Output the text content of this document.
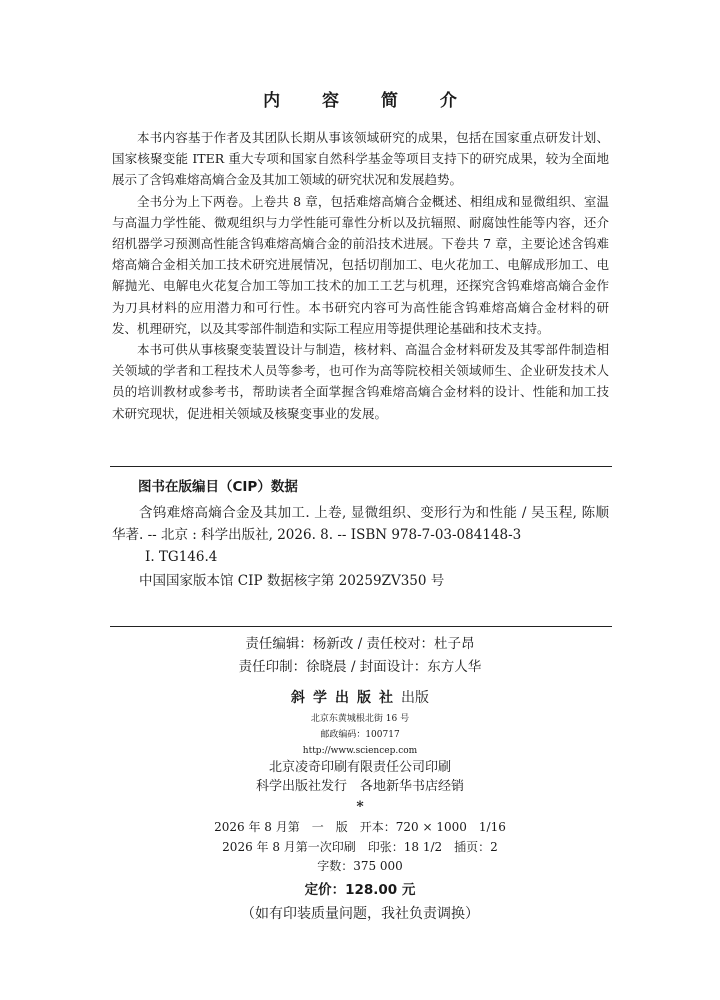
内 容 简 介

本书内容基于作者及其团队长期从事该领域研究的成果，包括在国家重点研发计划、国家核聚变能 ITER 重大专项和国家自然科学基金等项目支持下的研究成果，较为全面地展示了含钨难熔高熵合金及其加工领域的研究状况和发展趋势。

全书分为上下两卷。上卷共 8 章，包括难熔高熵合金概述、相组成和显微组织、室温与高温力学性能、微观组织与力学性能可靠性分析以及抗辐照、耐腐蚀性能等内容，还介绍机器学习预测高性能含钨难熔高熵合金的前沿技术进展。下卷共 7 章，主要论述含钨难熔高熵合金相关加工技术研究进展情况，包括切削加工、电火花加工、电解成形加工、电解抛光、电解电火花复合加工等加工技术的加工工艺与机理，还探究含钨难熔高熵合金作为刀具材料的应用潜力和可行性。本书研究内容可为高性能含钨难熔高熵合金材料的研发、机理研究，以及其零部件制造和实际工程应用等提供理论基础和技术支持。

本书可供从事核聚变装置设计与制造，核材料、高温合金材料研发及其零部件制造相关领域的学者和工程技术人员等参考，也可作为高等院校相关领域师生、企业研发技术人员的培训教材或参考书，帮助读者全面掌握含钨难熔高熵合金材料的设计、性能和加工技术研究现状，促进相关领域及核聚变事业的发展。

图书在版编目（CIP）数据
含钨难熔高熵合金及其加工. 上卷, 显微组织、变形行为和性能 / 吴玉程, 陈顺华著. -- 北京 : 科学出版社, 2026. 8. -- ISBN 978-7-03-084148-3
Ⅰ. TG146.4
中国国家版本馆 CIP 数据核字第 20259ZV350 号
责任编辑：杨新改 / 责任校对：杜子昂
责任印制：徐晓晨 / 封面设计：东方人华
斜学出版社出版
北京东黄城根北街 16 号
邮政编码：100717
http://www.sciencep.com
北京凌奇印刷有限责任公司印刷
科学出版社发行　各地新华书店经销
*
2026 年 8 月第　一　版　开本：720 × 1000　1/16
2026 年 8 月第一次印刷　印张：18 1/2　插页：2
字数：375 000
定价：128.00 元
（如有印装质量问题，我社负责调换）
